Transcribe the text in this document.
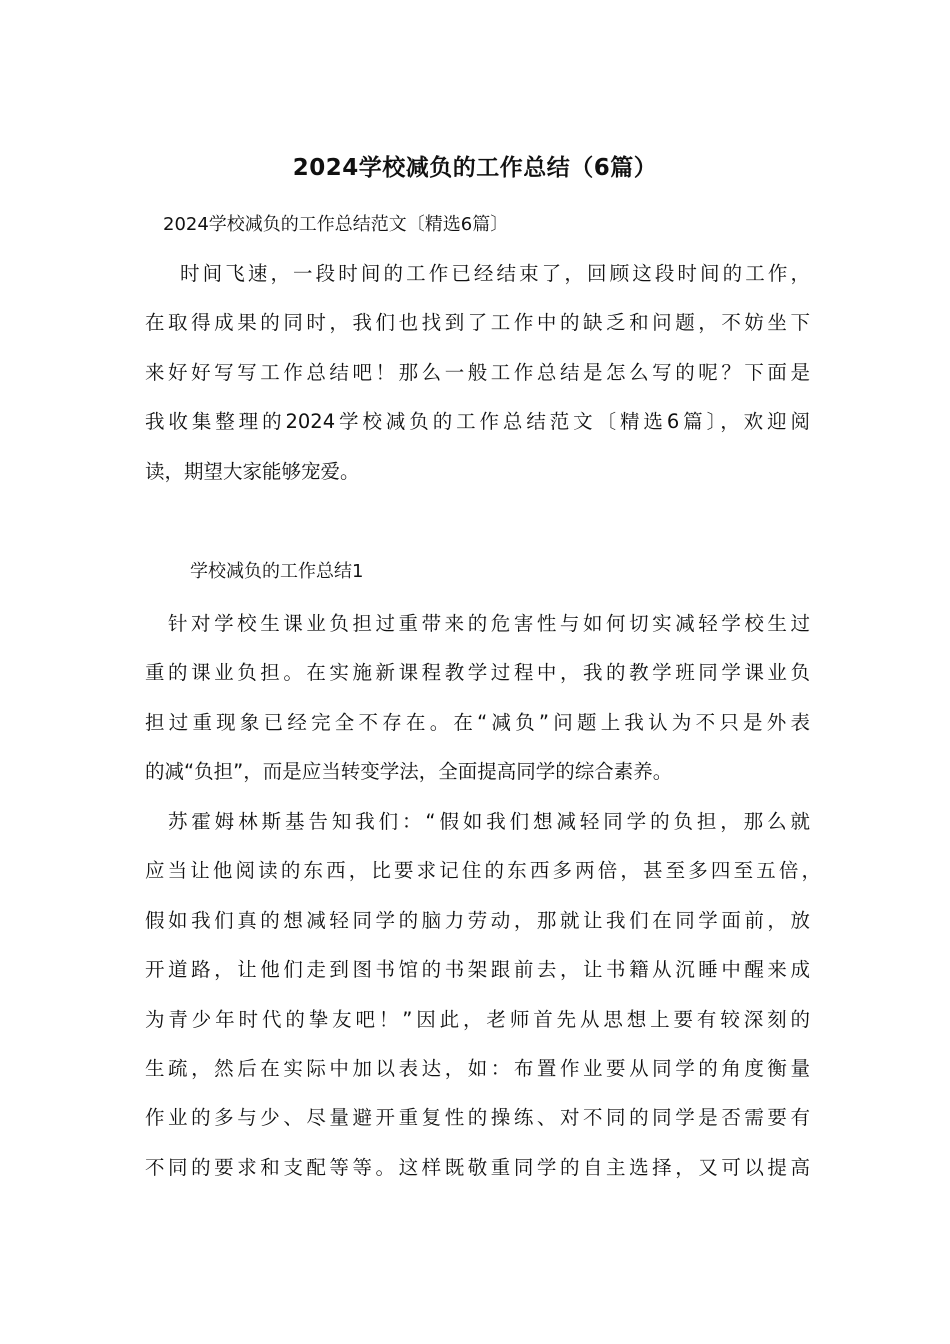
2024学校减负的工作总结（6篇）
2024学校减负的工作总结范文〔精选6篇〕
时间飞速，一段时间的工作已经结束了，回顾这段时间的工作，
在取得成果的同时，我们也找到了工作中的缺乏和问题，不妨坐下
来好好写写工作总结吧！那么一般工作总结是怎么写的呢？下面是
我收集整理的2024学校减负的工作总结范文〔精选6篇〕，欢迎阅
读，期望大家能够宠爱。
学校减负的工作总结1
针对学校生课业负担过重带来的危害性与如何切实减轻学校生过
重的课业负担。在实施新课程教学过程中，我的教学班同学课业负
担过重现象已经完全不存在。在“减负”问题上我认为不只是外表
的减“负担”，而是应当转变学法，全面提高同学的综合素养。
苏霍姆林斯基告知我们：“假如我们想减轻同学的负担，那么就
应当让他阅读的东西，比要求记住的东西多两倍，甚至多四至五倍，
假如我们真的想减轻同学的脑力劳动，那就让我们在同学面前，放
开道路，让他们走到图书馆的书架跟前去，让书籍从沉睡中醒来成
为青少年时代的挚友吧！”因此，老师首先从思想上要有较深刻的
生疏，然后在实际中加以表达，如：布置作业要从同学的角度衡量
作业的多与少、尽量避开重复性的操练、对不同的同学是否需要有
不同的要求和支配等等。这样既敬重同学的自主选择，又可以提高
